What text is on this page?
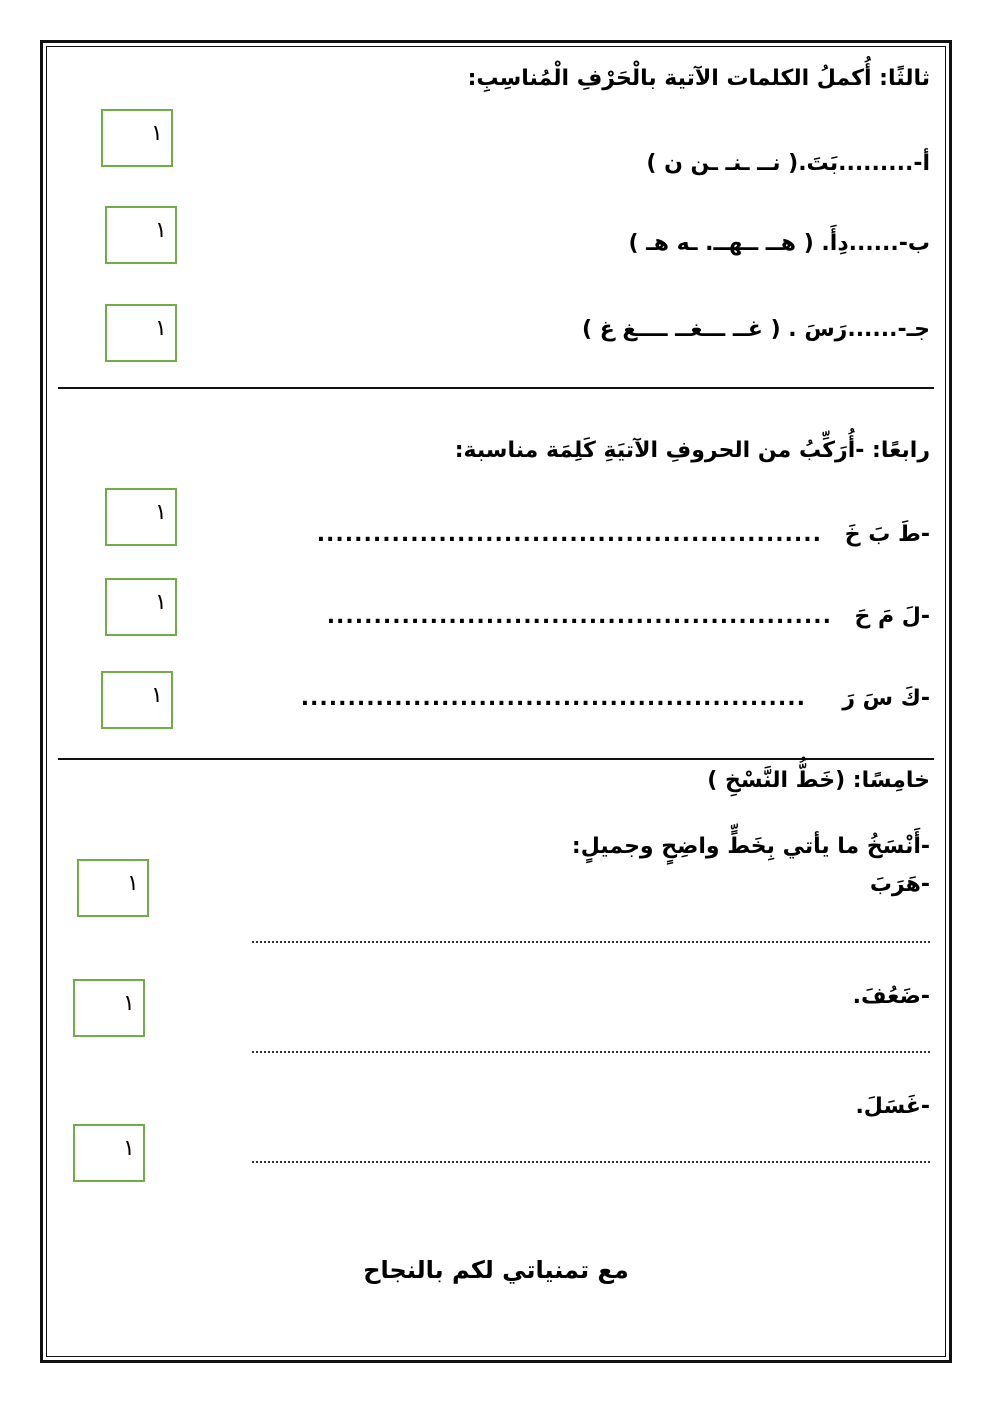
ثالثًا: أُكملُ الكلمات الآتية بالْحَرْفِ الْمُناسِبِ:
أ-.........بَتَ.( نــ ـنـ ـن ن )
١
ب-......دِأَ. ( هــ ــهــ. ـه هـ )
١
جـ-......رَسَ . ( غــ ـــغــ ــــغ غ )
١
رابعًا: -أُرَكِّبُ من الحروفِ الآتيَةِ كَلِمَة مناسبة:
-طَ بَ خَ
......................................................
١
-لَ مَ حَ
......................................................
١
-كَ سَ رَ
......................................................
١
خامِسًا: (خَطُّ النَّسْخِ )
-أَنْسَخُ ما يأتي بِخَطٍّ واضِحٍ وجميلٍ:
-هَرَبَ
١
-ضَعُفَ.
١
-غَسَلَ.
١
مع تمنياتي لكم بالنجاح
